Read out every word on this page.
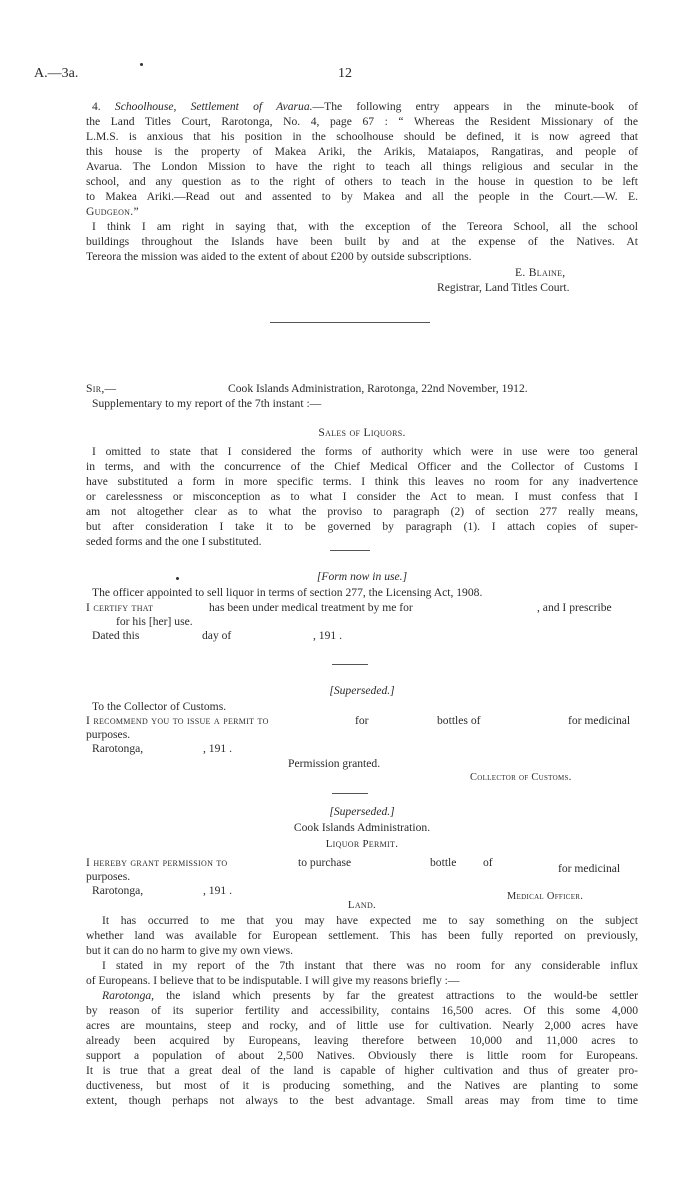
A.—3a.	12
4. Schoolhouse, Settlement of Avarua.—The following entry appears in the minute-book of
the Land Titles Court, Rarotonga, No. 4, page 67 : “ Whereas the Resident Missionary of the
L.M.S. is anxious that his position in the schoolhouse should be defined, it is now agreed that
this house is the property of Makea Ariki, the Arikis, Mataiapos, Rangatiras, and people of
Avarua. The London Mission to have the right to teach all things religious and secular in the
school, and any question as to the right of others to teach in the house in question to be left
to Makea Ariki.—Read out and assented to by Makea and all the people in the Court.—W. E.
Gudgeon.”
I think I am right in saying that, with the exception of the Tereora School, all the school
buildings throughout the Islands have been built by and at the expense of the Natives. At
Tereora the mission was aided to the extent of about £200 by outside subscriptions.
E. Blaine,
Registrar, Land Titles Court.
Sir,—	Cook Islands Administration, Rarotonga, 22nd November, 1912.
Supplementary to my report of the 7th instant :—
Sales of Liquors.
I omitted to state that I considered the forms of authority which were in use were too general
in terms, and with the concurrence of the Chief Medical Officer and the Collector of Customs I
have substituted a form in more specific terms. I think this leaves no room for any inadvertence
or carelessness or misconception as to what I consider the Act to mean. I must confess that I
am not altogether clear as to what the proviso to paragraph (2) of section 277 really means,
but after consideration I take it to be governed by paragraph (1). I attach copies of super-
seded forms and the one I substituted.
[Form now in use.]
The officer appointed to sell liquor in terms of section 277, the Licensing Act, 1908.
I certify that	has been under medical treatment by me for	, and I prescribe
for his [her] use.
Dated this	day of	, 191 .
[Superseded.]
To the Collector of Customs.
I recommend you to issue a permit to	for	bottles of	for medicinal
purposes.
Rarotonga,	, 191 .
Permission granted.
Collector of Customs.
[Superseded.]
Cook Islands Administration.
Liquor Permit.
I hereby grant permission to	to purchase	bottle of	for medicinal
purposes.
Rarotonga,	, 191 .	Medical Officer.
Land.
It has occurred to me that you may have expected me to say something on the subject
whether land was available for European settlement. This has been fully reported on previously,
but it can do no harm to give my own views.
I stated in my report of the 7th instant that there was no room for any considerable influx
of Europeans. I believe that to be indisputable. I will give my reasons briefly :—
Rarotonga, the island which presents by far the greatest attractions to the would-be settler
by reason of its superior fertility and accessibility, contains 16,500 acres. Of this some 4,000
acres are mountains, steep and rocky, and of little use for cultivation. Nearly 2,000 acres have
already been acquired by Europeans, leaving therefore between 10,000 and 11,000 acres to
support a population of about 2,500 Natives. Obviously there is little room for Europeans.
It is true that a great deal of the land is capable of higher cultivation and thus of greater pro-
ductiveness, but most of it is producing something, and the Natives are planting to some
extent, though perhaps not always to the best advantage. Small areas may from time to time
